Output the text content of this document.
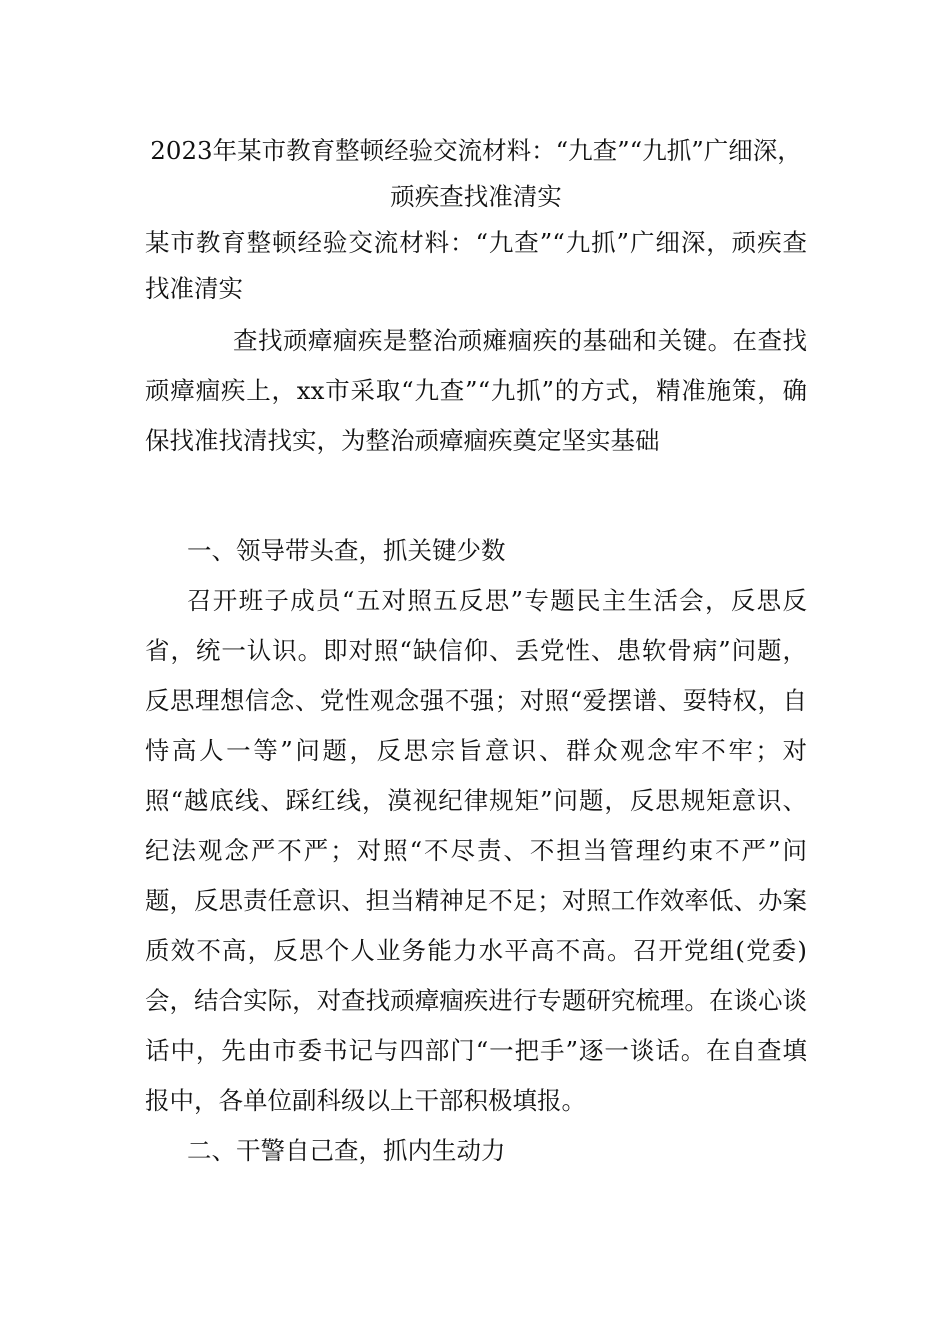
2023年某市教育整顿经验交流材料：“九查”“九抓”广细深，顽疾查找准清实
某市教育整顿经验交流材料：“九查”“九抓”广细深，顽疾查找准清实

查找顽瘴痼疾是整治顽瘫痼疾的基础和关键。在查找顽瘴痼疾上，xx市采取“九查”“九抓”的方式，精准施策，确保找准找清找实，为整治顽瘴痼疾奠定坚实基础

一、领导带头查，抓关键少数

召开班子成员“五对照五反思”专题民主生活会，反思反省，统一认识。即对照“缺信仰、丢党性、患软骨病”问题，反思理想信念、党性观念强不强；对照“爱摆谱、耍特权，自恃高人一等”问题，反思宗旨意识、群众观念牢不牢；对照“越底线、踩红线，漠视纪律规矩”问题，反思规矩意识、纪法观念严不严；对照“不尽责、不担当管理约束不严”问题，反思责任意识、担当精神足不足；对照工作效率低、办案质效不高，反思个人业务能力水平高不高。召开党组(党委)会，结合实际，对查找顽瘴痼疾进行专题研究梳理。在谈心谈话中，先由市委书记与四部门“一把手”逐一谈话。在自查填报中，各单位副科级以上干部积极填报。

二、干警自己查，抓内生动力
